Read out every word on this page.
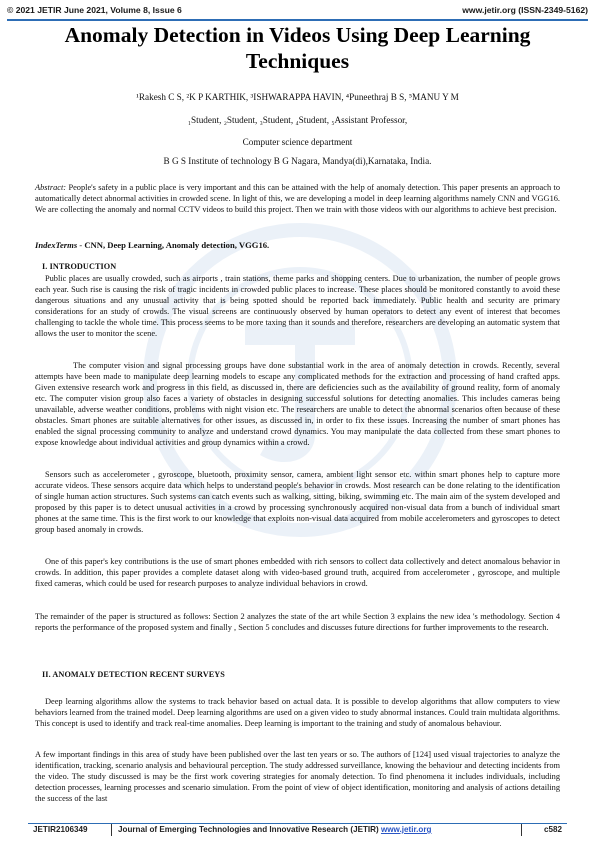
© 2021 JETIR June 2021, Volume 8, Issue 6	www.jetir.org (ISSN-2349-5162)
Anomaly Detection in Videos Using Deep Learning Techniques
¹Rakesh C S, ²K P KARTHIK, ³ISHWARAPPA HAVIN, ⁴Puneethraj B S, ⁵MANU Y M
₁Student, ₂Student, ₃Student, ₄Student, ₅Assistant Professor,
Computer science department
B G S Institute of technology B G Nagara, Mandya(di),Karnataka, India.

Abstract: People's safety in a public place is very important and this can be attained with the help of anomaly detection. This paper presents an approach to automatically detect abnormal activities in crowded scene. In light of this, we are developing a model in deep learning algorithms namely CNN and VGG16. We are collecting the anomaly and normal CCTV videos to build this project. Then we train with those videos with our algorithms to achieve best precision.

IndexTerms - CNN, Deep Learning, Anomaly detection, VGG16.
I. INTRODUCTION

Public places are usually crowded, such as airports , train stations, theme parks and shopping centers. Due to urbanization, the number of people grows each year. Such rise is causing the risk of tragic incidents in crowded public places to increase. These places should be monitored constantly to avoid these dangerous situations and any unusual activity that is being spotted should be reported back immediately. Public health and security are primary considerations for an study of crowds. The visual screens are continuously observed by human operators to detect any event of interest that becomes challenging to tackle the whole time. This process seems to be more taxing than it sounds and therefore, researchers are developing an automatic system that allows the user to monitor the scene.

The computer vision and signal processing groups have done substantial work in the area of anomaly detection in crowds. Recently, several attempts have been made to manipulate deep learning models to escape any complicated methods for the extraction and processing of hand crafted apps. Given extensive research work and progress in this field, as discussed in, there are deficiencies such as the availability of ground reality, form of anomaly etc. The computer vision group also faces a variety of obstacles in designing successful solutions for detecting anomalies. This includes cameras being unavailable, adverse weather conditions, problems with night vision etc. The researchers are unable to detect the abnormal scenarios often because of these obstacles. Smart phones are suitable alternatives for other issues, as discussed in, in order to fix these issues. Increasing the number of smart phones has enabled the signal processing community to analyze and understand crowd dynamics. You may manipulate the data collected from these smart phones to expose knowledge about individual activities and group dynamics within a crowd.

Sensors such as accelerometer , gyroscope, bluetooth, proximity sensor, camera, ambient light sensor etc. within smart phones help to capture more accurate videos. These sensors acquire data which helps to understand people's behavior in crowds. Most research can be done relating to the identification of single human action structures. Such systems can catch events such as walking, sitting, biking, swimming etc. The main aim of the system developed and proposed by this paper is to detect unusual activities in a crowd by processing synchronously acquired non-visual data from a bunch of individual smart phones at the same time. This is the first work to our knowledge that exploits non-visual data acquired from mobile accelerometers and gyroscopes to detect group based anomaly in crowds.

One of this paper's key contributions is the use of smart phones embedded with rich sensors to collect data collectively and detect anomalous behavior in crowds. In addition, this paper provides a complete dataset along with video-based ground truth, acquired from accelerometer , gyroscope, and multiple fixed cameras, which could be used for research purposes to analyze individual behaviors in crowd.

The remainder of the paper is structured as follows: Section 2 analyzes the state of the art while Section 3 explains the new idea 's methodology. Section 4 reports the performance of the proposed system and finally , Section 5 concludes and discusses future directions for further improvements to the research.

II. ANOMALY DETECTION RECENT SURVEYS

Deep learning algorithms allow the systems to track behavior based on actual data. It is possible to develop algorithms that allow computers to view behaviors learned from the trained model. Deep learning algorithms are used on a given video to study abnormal instances. Could train multidata algorithms. This concept is used to identify and track real-time anomalies. Deep learning is important to the training and study of anomalous behaviour.

A few important findings in this area of study have been published over the last ten years or so. The authors of [124] used visual trajectories to analyze the identification, tracking, scenario analysis and behavioural perception. The study addressed surveillance, knowing the behaviour and detecting incidents from the video. The study discussed is may be the first work covering strategies for anomaly detection. To find phenomena it includes individuals, including detection processes, learning processes and scenario simulation. From the point of view of object identification, monitoring and analysis of actions detailing the success of the last

JETIR2106349	Journal of Emerging Technologies and Innovative Research (JETIR) www.jetir.org	c582
